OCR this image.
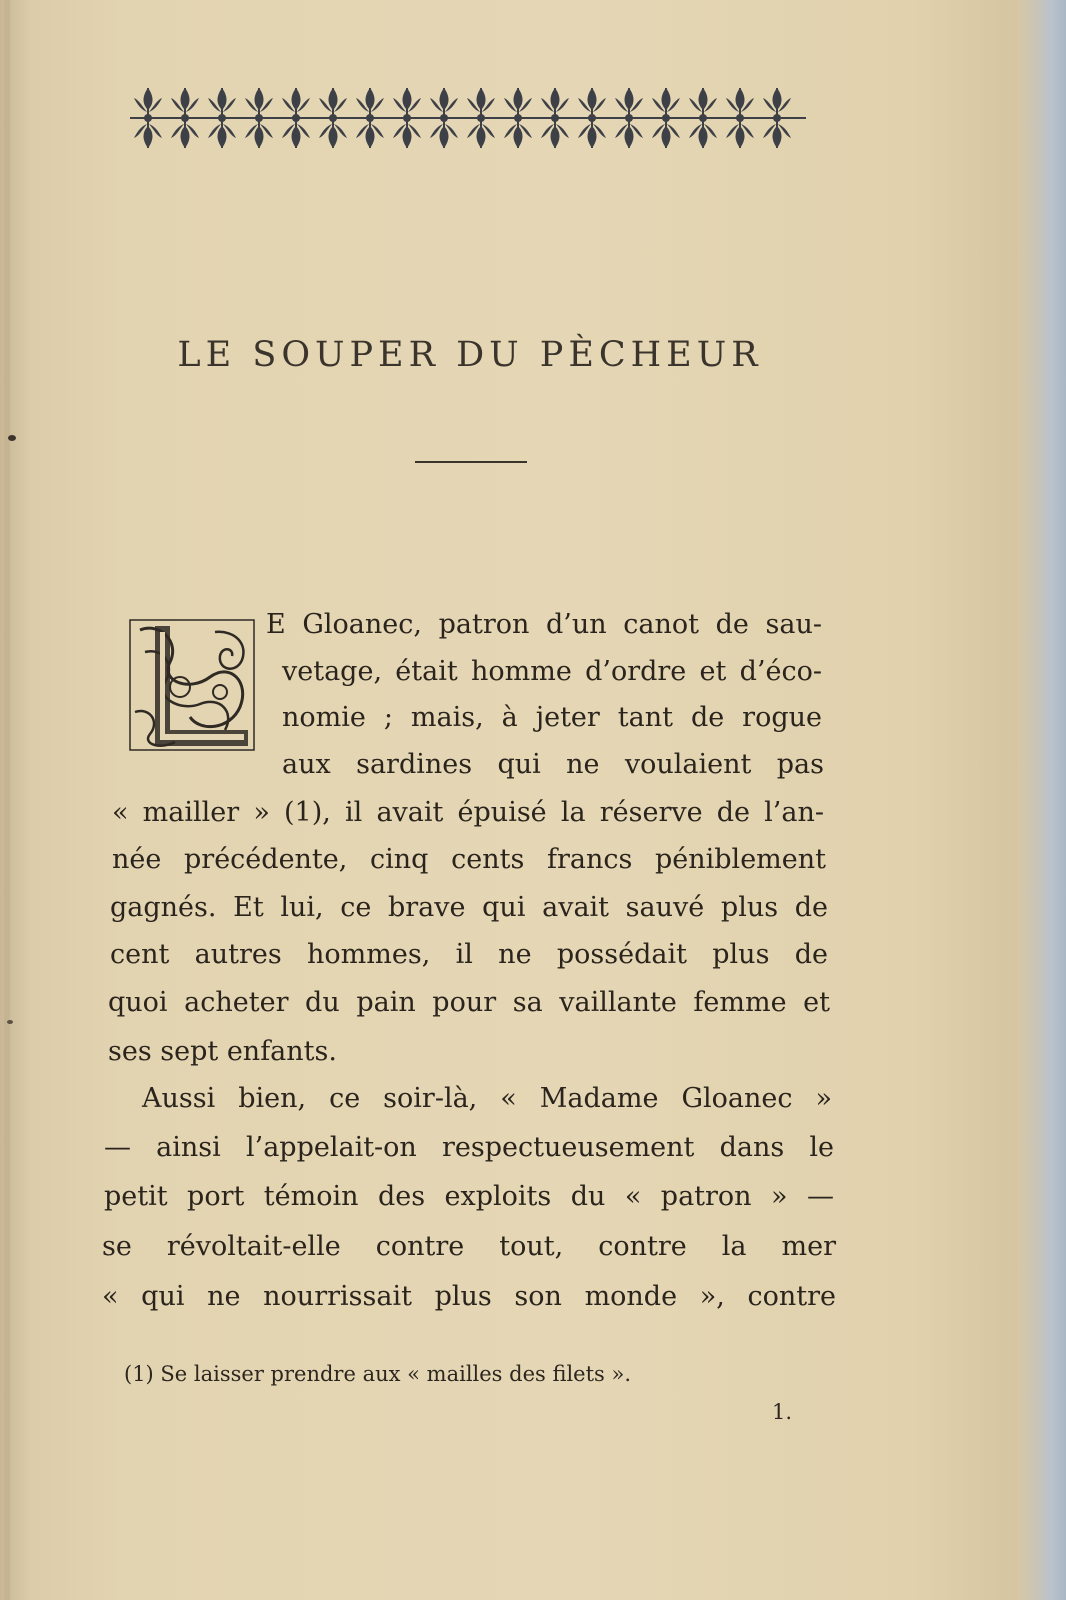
LE SOUPER DU PÈCHEUR
L
E Gloanec, patron d’un canot de sau-
vetage, était homme d’ordre et d’éco-
nomie ; mais, à jeter tant de rogue
aux sardines qui ne voulaient pas
« mailler » (1), il avait épuisé la réserve de l’an-
née précédente, cinq cents francs péniblement
gagnés. Et lui, ce brave qui avait sauvé plus de
cent autres hommes, il ne possédait plus de
quoi acheter du pain pour sa vaillante femme et
ses sept enfants.
Aussi bien, ce soir-là, « Madame Gloanec »
— ainsi l’appelait-on respectueusement dans le
petit port témoin des exploits du « patron » —
se révoltait-elle contre tout, contre la mer
« qui ne nourrissait plus son monde », contre
(1) Se laisser prendre aux « mailles des filets ».
1.
